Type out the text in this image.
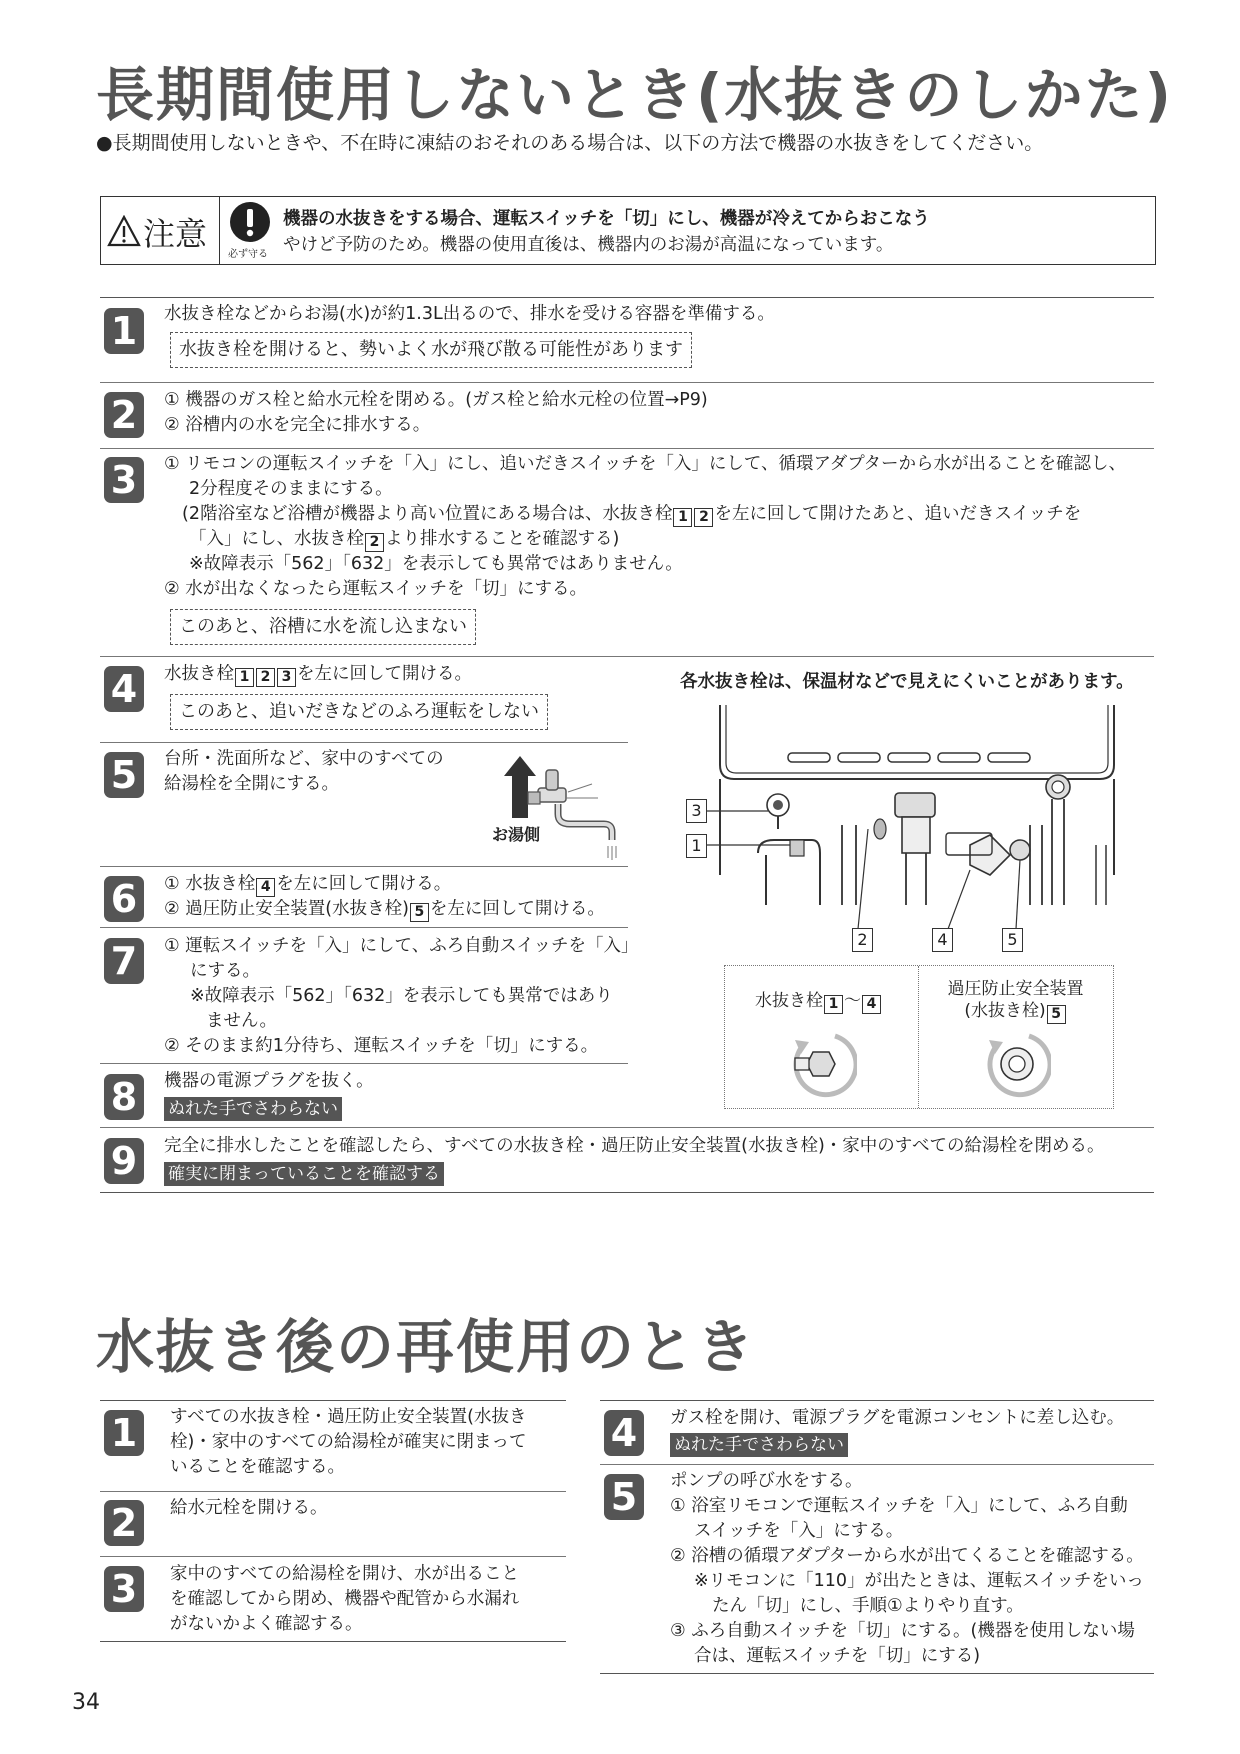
長期間使用しないとき(水抜きのしかた)
●長期間使用しないときや、不在時に凍結のおそれのある場合は、以下の方法で機器の水抜きをしてください。
注意
必ず守る
機器の水抜きをする場合、運転スイッチを「切」にし、機器が冷えてからおこなう
やけど予防のため。機器の使用直後は、機器内のお湯が高温になっています。
1	水抜き栓などからお湯(水)が約1.3L出るので、排水を受ける容器を準備する。
水抜き栓を開けると、勢いよく水が飛び散る可能性があります
2	① 機器のガス栓と給水元栓を閉める。(ガス栓と給水元栓の位置→P9)
② 浴槽内の水を完全に排水する。
3	① リモコンの運転スイッチを「入」にし、追いだきスイッチを「入」にして、循環アダプターから水が出ることを確認し、
2分程度そのままにする。
(2階浴室など浴槽が機器より高い位置にある場合は、水抜き栓 1 2 を左に回して開けたあと、追いだきスイッチを
「入」にし、水抜き栓 2 より排水することを確認する)
※故障表示「562」「632」を表示しても異常ではありません。
② 水が出なくなったら運転スイッチを「切」にする。
このあと、浴槽に水を流し込まない
4	水抜き栓 1 2 3 を左に回して開ける。
このあと、追いだきなどのふろ運転をしない
5	台所・洗面所など、家中のすべての
給湯栓を全開にする。
お湯側
6	① 水抜き栓 4 を左に回して開ける。
② 過圧防止安全装置(水抜き栓) 5 を左に回して開ける。
7	① 運転スイッチを「入」にして、ふろ自動スイッチを「入」
にする。
※故障表示「562」「632」を表示しても異常ではあり
ません。
② そのまま約1分待ち、運転スイッチを「切」にする。
8	機器の電源プラグを抜く。
ぬれた手でさわらない
9	完全に排水したことを確認したら、すべての水抜き栓・過圧防止安全装置(水抜き栓)・家中のすべての給湯栓を閉める。
確実に閉まっていることを確認する
各水抜き栓は、保温材などで見えにくいことがあります。
3
1
2	4	5
水抜き栓 1 ～ 4
過圧防止安全装置
(水抜き栓) 5
水抜き後の再使用のとき
1	すべての水抜き栓・過圧防止安全装置(水抜き
栓)・家中のすべての給湯栓が確実に閉まって
いることを確認する。
2	給水元栓を開ける。
3	家中のすべての給湯栓を開け、水が出ること
を確認してから閉め、機器や配管から水漏れ
がないかよく確認する。
4	ガス栓を開け、電源プラグを電源コンセントに差し込む。
ぬれた手でさわらない
5	ポンプの呼び水をする。
① 浴室リモコンで運転スイッチを「入」にして、ふろ自動
スイッチを「入」にする。
② 浴槽の循環アダプターから水が出てくることを確認する。
※リモコンに「110」が出たときは、運転スイッチをいっ
たん「切」にし、手順①よりやり直す。
③ ふろ自動スイッチを「切」にする。(機器を使用しない場
合は、運転スイッチを「切」にする)
34
